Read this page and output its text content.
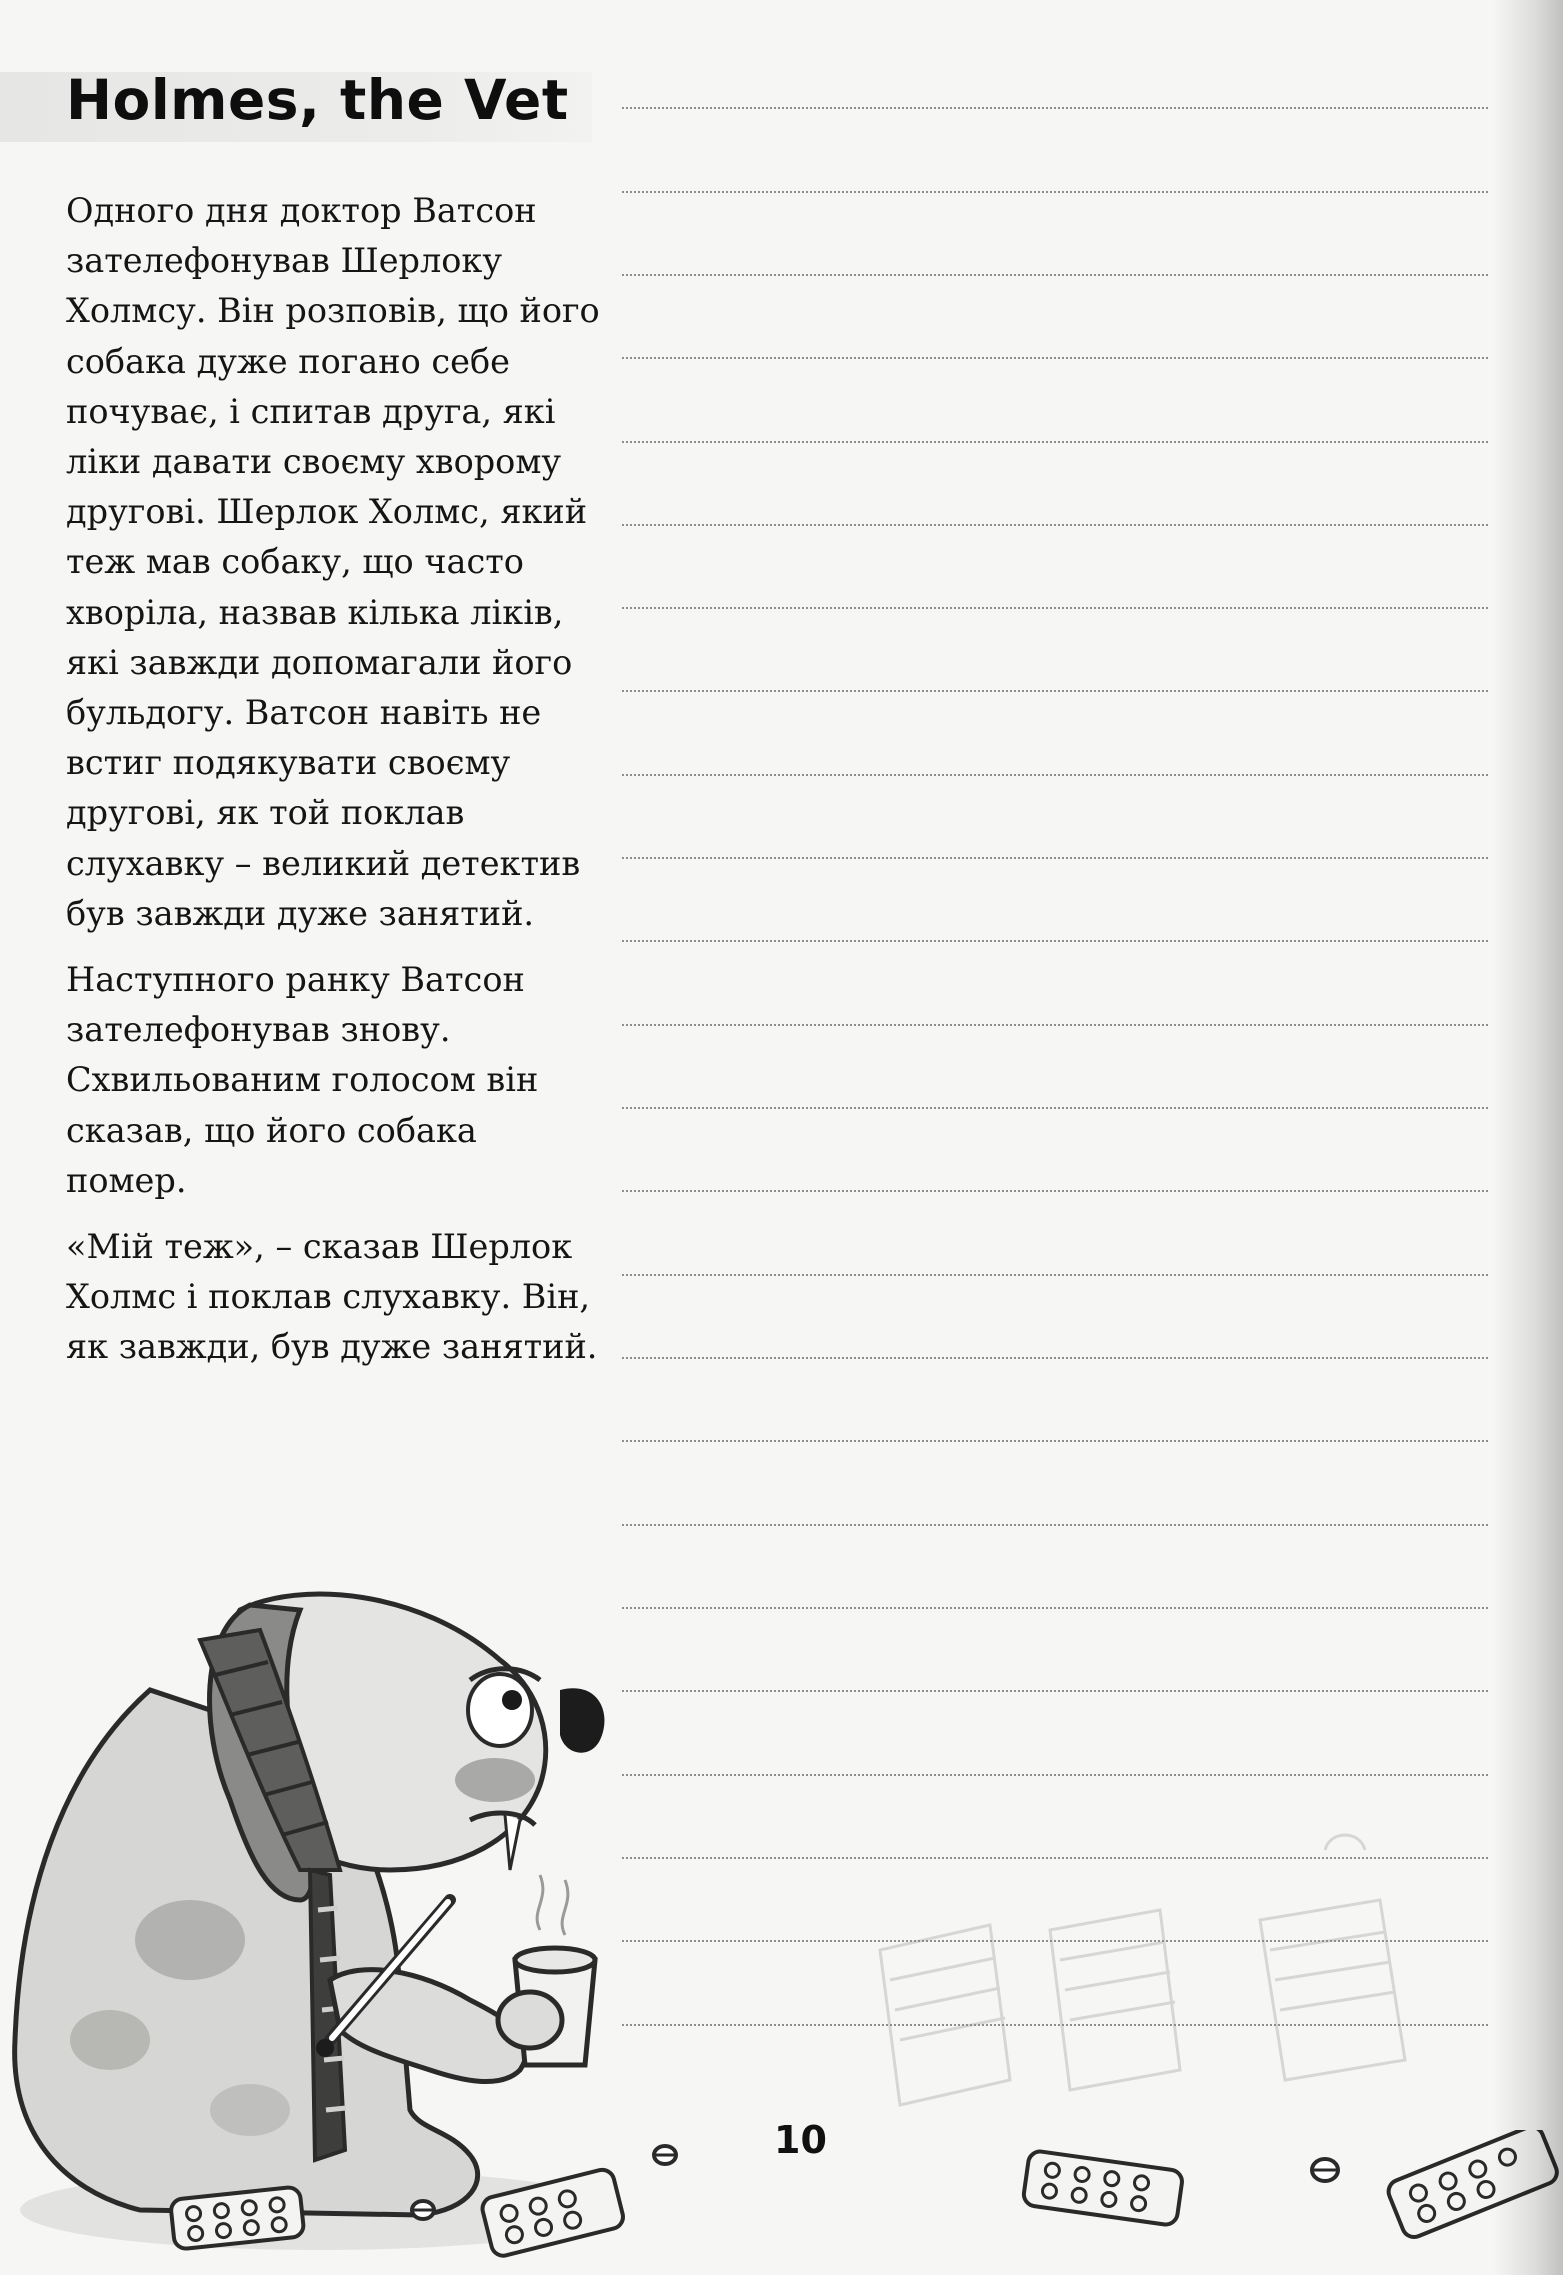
Holmes, the Vet

Одного дня доктор Ватсон зателефонував Шерлоку Холмсу. Він розповів, що його собака дуже погано себе почуває, і спитав друга, які ліки давати своєму хворому другові. Шерлок Холмс, який теж мав собаку, що часто хворіла, назвав кілька ліків, які завжди допомагали його бульдогу. Ватсон навіть не встиг подякувати своєму другові, як той поклав слухавку – великий детектив був завжди дуже занятий.

Наступного ранку Ватсон зателефонував знову. Схвильованим голосом він сказав, що його собака помер.

«Мій теж», – сказав Шерлок Холмс і поклав слухавку. Він, як завжди, був дуже занятий.

10
